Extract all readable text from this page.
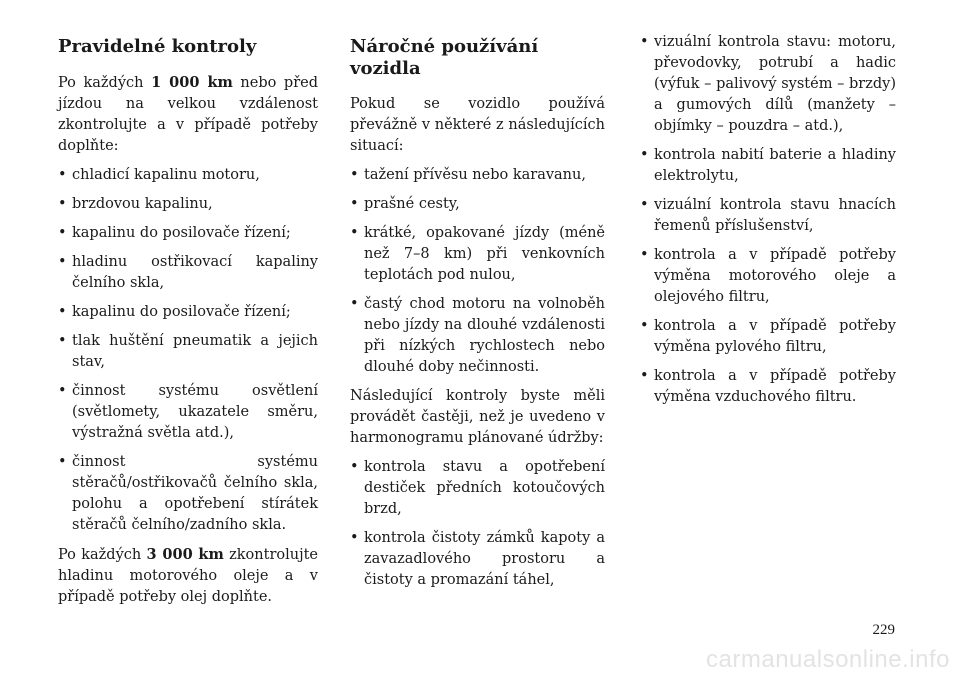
Pravidelné kontroly

Po každých 1 000 km nebo před jízdou na velkou vzdálenost zkontrolujte a v případě potřeby doplňte:

• chladicí kapalinu motoru,
• brzdovou kapalinu,
• kapalinu do posilovače řízení;
• hladinu ostřikovací kapaliny čelního skla,
• kapalinu do posilovače řízení;
• tlak huštění pneumatik a jejich stav,
• činnost systému osvětlení (světlomety, ukazatele směru, výstražná světla atd.),
• činnost systému stěračů/ostřikovačů čelního skla, polohu a opotřebení stírátek stěračů čelního/zadního skla.

Po každých 3 000 km zkontrolujte hladinu motorového oleje a v případě potřeby olej doplňte.

Náročné používání vozidla

Pokud se vozidlo používá převážně v některé z následujících situací:

• tažení přívěsu nebo karavanu,
• prašné cesty,
• krátké, opakované jízdy (méně než 7–8 km) při venkovních teplotách pod nulou,
• častý chod motoru na volnoběh nebo jízdy na dlouhé vzdálenosti při nízkých rychlostech nebo dlouhé doby nečinnosti.

Následující kontroly byste měli provádět častěji, než je uvedeno v harmonogramu plánované údržby:

• kontrola stavu a opotřebení destiček předních kotoučových brzd,
• kontrola čistoty zámků kapoty a zavazadlového prostoru a čistoty a promazání táhel,
• vizuální kontrola stavu: motoru, převodovky, potrubí a hadic (výfuk – palivový systém – brzdy) a gumových dílů (manžety – objímky – pouzdra – atd.),
• kontrola nabití baterie a hladiny elektrolytu,
• vizuální kontrola stavu hnacích řemenů příslušenství,
• kontrola a v případě potřeby výměna motorového oleje a olejového filtru,
• kontrola a v případě potřeby výměna pylového filtru,
• kontrola a v případě potřeby výměna vzduchového filtru.
229
carmanualsonline.info
